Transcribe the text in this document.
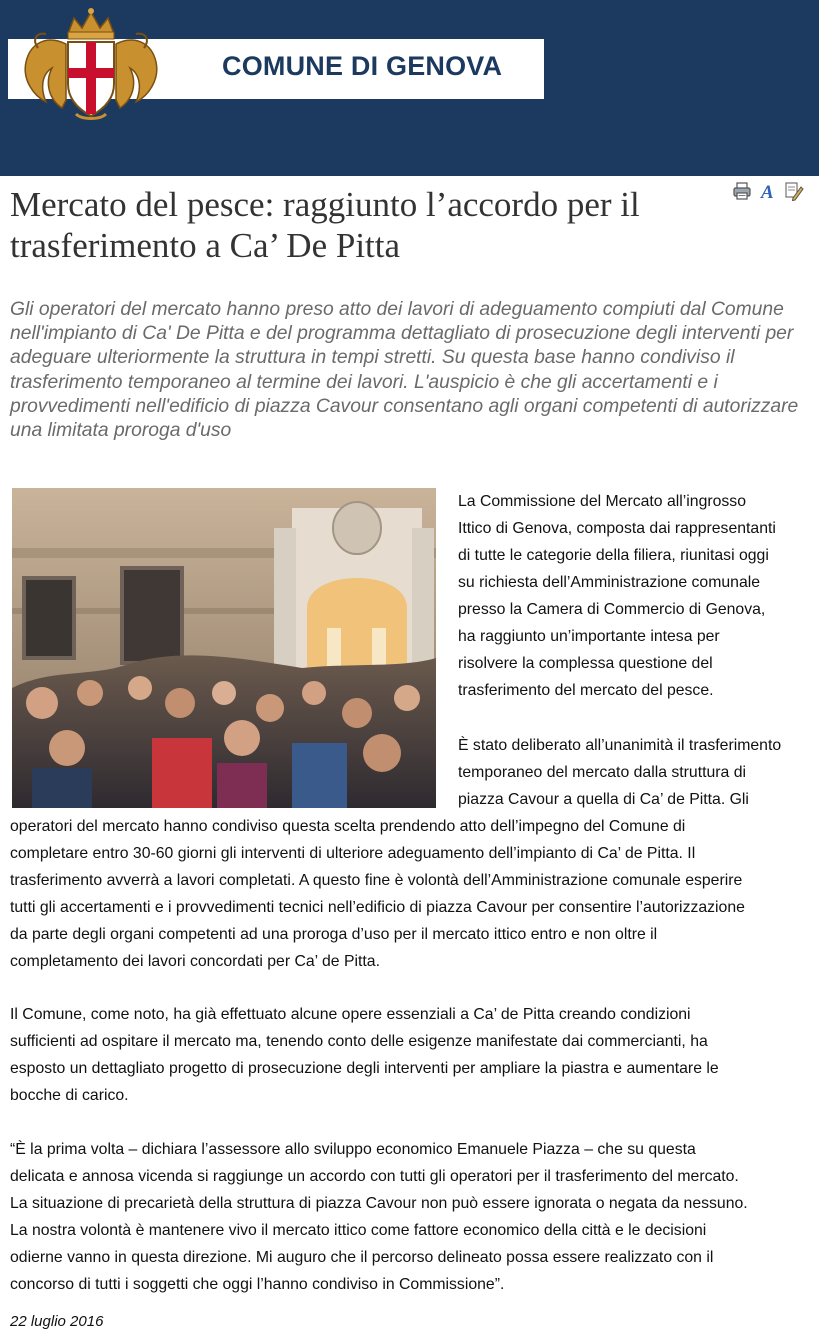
COMUNE DI GENOVA
A
Mercato del pesce: raggiunto l’accordo per il trasferimento a Ca’ De Pitta

Gli operatori del mercato hanno preso atto dei lavori di adeguamento compiuti dal Comune nell'impianto di Ca' De Pitta e del programma dettagliato di prosecuzione degli interventi per adeguare ulteriormente la struttura in tempi stretti. Su questa base hanno condiviso il trasferimento temporaneo al termine dei lavori. L'auspicio è che gli accertamenti e i provvedimenti nell'edificio di piazza Cavour consentano agli organi competenti di autorizzare una limitata proroga d'uso

La Commissione del Mercato all’ingrosso

Ittico di Genova, composta dai rappresentanti

di tutte le categorie della filiera, riunitasi oggi

su richiesta dell’Amministrazione comunale

presso la Camera di Commercio di Genova,

ha raggiunto un’importante intesa per

risolvere la complessa questione del

trasferimento del mercato del pesce.

È stato deliberato all’unanimità il trasferimento

temporaneo del mercato dalla struttura di

piazza Cavour a quella di Ca’ de Pitta. Gli

operatori del mercato hanno condiviso questa scelta prendendo atto dell’impegno del Comune di

completare entro 30-60 giorni gli interventi di ulteriore adeguamento dell’impianto di Ca’ de Pitta. Il

trasferimento avverrà a lavori completati. A questo fine è volontà dell’Amministrazione comunale esperire

tutti gli accertamenti e i provvedimenti tecnici nell’edificio di piazza Cavour per consentire l’autorizzazione

da parte degli organi competenti ad una proroga d’uso per il mercato ittico entro e non oltre il

completamento dei lavori concordati per Ca’ de Pitta.

Il Comune, come noto, ha già effettuato alcune opere essenziali a Ca’ de Pitta creando condizioni

sufficienti ad ospitare il mercato ma, tenendo conto delle esigenze manifestate dai commercianti, ha

esposto un dettagliato progetto di prosecuzione degli interventi per ampliare la piastra e aumentare le

bocche di carico.

“È la prima volta – dichiara l’assessore allo sviluppo economico Emanuele Piazza – che su questa

delicata e annosa vicenda si raggiunge un accordo con tutti gli operatori per il trasferimento del mercato.

La situazione di precarietà della struttura di piazza Cavour non può essere ignorata o negata da nessuno.

La nostra volontà è mantenere vivo il mercato ittico come fattore economico della città e le decisioni

odierne vanno in questa direzione. Mi auguro che il percorso delineato possa essere realizzato con il

concorso di tutti i soggetti che oggi l’hanno condiviso in Commissione”.

22 luglio 2016
